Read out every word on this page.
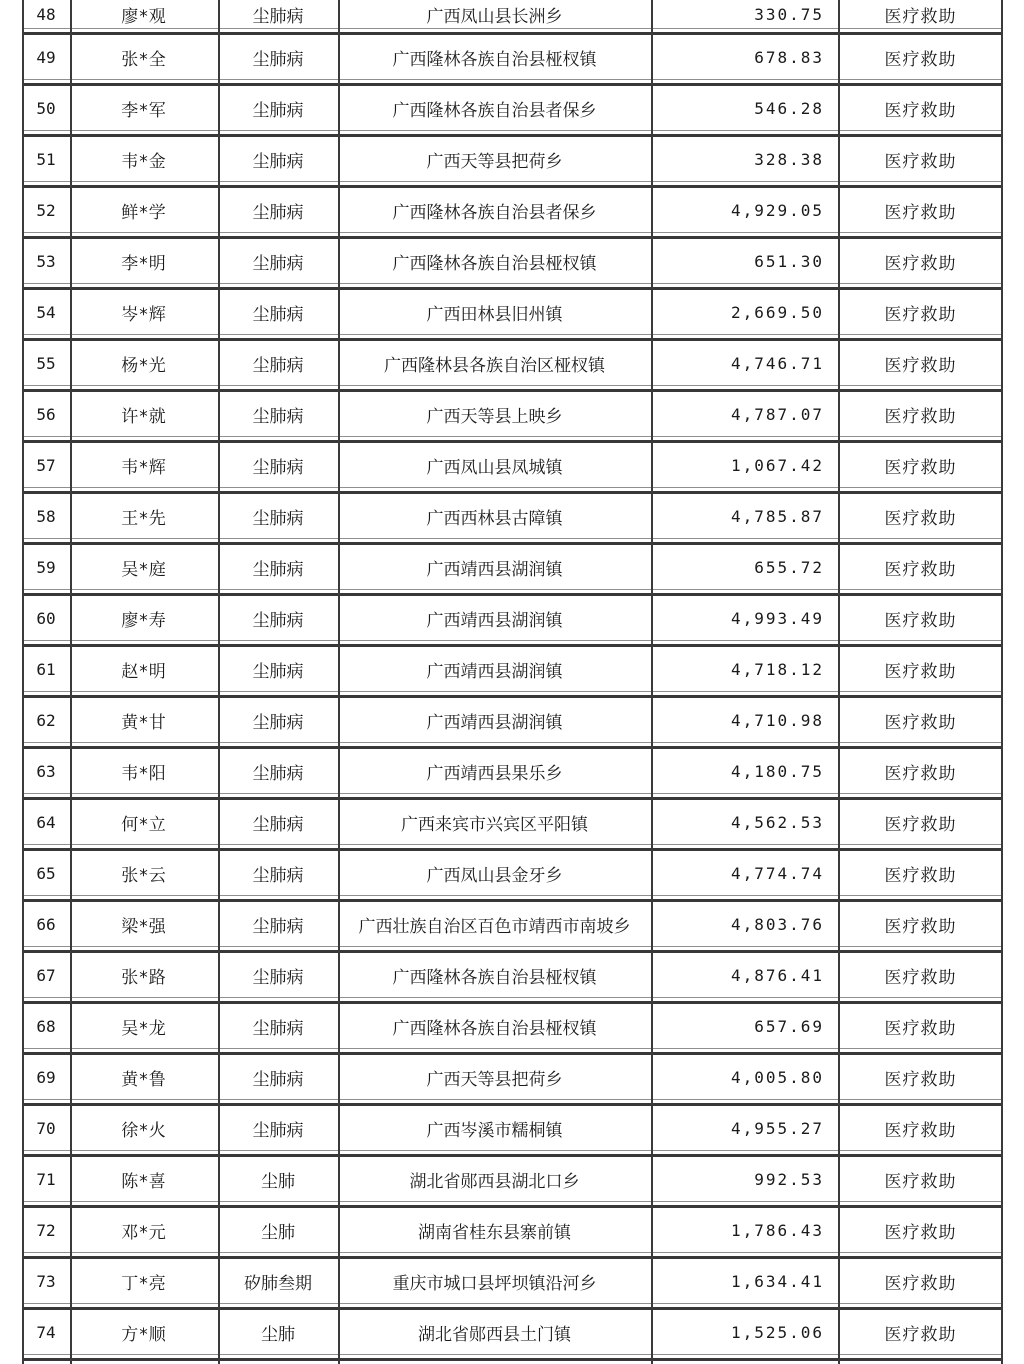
48	廖*观	尘肺病	广西凤山县长洲乡	330.75	医疗救助
49	张*全	尘肺病	广西隆林各族自治县桠杈镇	678.83	医疗救助
50	李*军	尘肺病	广西隆林各族自治县者保乡	546.28	医疗救助
51	韦*金	尘肺病	广西天等县把荷乡	328.38	医疗救助
52	鲜*学	尘肺病	广西隆林各族自治县者保乡	4,929.05	医疗救助
53	李*明	尘肺病	广西隆林各族自治县桠杈镇	651.30	医疗救助
54	岑*辉	尘肺病	广西田林县旧州镇	2,669.50	医疗救助
55	杨*光	尘肺病	广西隆林县各族自治区桠杈镇	4,746.71	医疗救助
56	许*就	尘肺病	广西天等县上映乡	4,787.07	医疗救助
57	韦*辉	尘肺病	广西凤山县凤城镇	1,067.42	医疗救助
58	王*先	尘肺病	广西西林县古障镇	4,785.87	医疗救助
59	吴*庭	尘肺病	广西靖西县湖润镇	655.72	医疗救助
60	廖*寿	尘肺病	广西靖西县湖润镇	4,993.49	医疗救助
61	赵*明	尘肺病	广西靖西县湖润镇	4,718.12	医疗救助
62	黄*甘	尘肺病	广西靖西县湖润镇	4,710.98	医疗救助
63	韦*阳	尘肺病	广西靖西县果乐乡	4,180.75	医疗救助
64	何*立	尘肺病	广西来宾市兴宾区平阳镇	4,562.53	医疗救助
65	张*云	尘肺病	广西凤山县金牙乡	4,774.74	医疗救助
66	梁*强	尘肺病	广西壮族自治区百色市靖西市南坡乡	4,803.76	医疗救助
67	张*路	尘肺病	广西隆林各族自治县桠杈镇	4,876.41	医疗救助
68	吴*龙	尘肺病	广西隆林各族自治县桠杈镇	657.69	医疗救助
69	黄*鲁	尘肺病	广西天等县把荷乡	4,005.80	医疗救助
70	徐*火	尘肺病	广西岑溪市糯桐镇	4,955.27	医疗救助
71	陈*喜	尘肺	湖北省郧西县湖北口乡	992.53	医疗救助
72	邓*元	尘肺	湖南省桂东县寨前镇	1,786.43	医疗救助
73	丁*亮	矽肺叁期	重庆市城口县坪坝镇沿河乡	1,634.41	医疗救助
74	方*顺	尘肺	湖北省郧西县土门镇	1,525.06	医疗救助
